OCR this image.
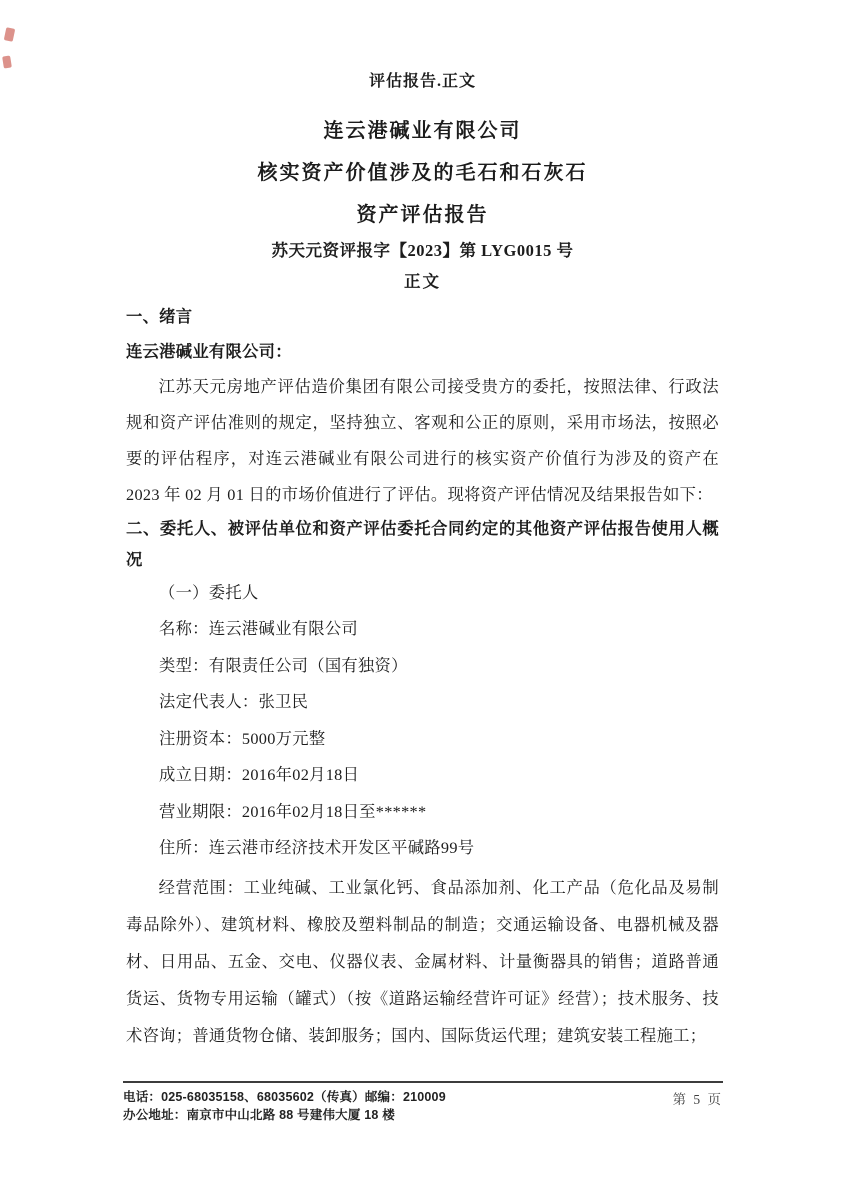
评估报告.正文
连云港碱业有限公司
核实资产价值涉及的毛石和石灰石
资产评估报告
苏天元资评报字【2023】第 LYG0015 号
正文
一、绪言
连云港碱业有限公司：

江苏天元房地产评估造价集团有限公司接受贵方的委托，按照法律、行政法规和资产评估准则的规定，坚持独立、客观和公正的原则，采用市场法，按照必要的评估程序，对连云港碱业有限公司进行的核实资产价值行为涉及的资产在2023 年 02 月 01 日的市场价值进行了评估。现将资产评估情况及结果报告如下：

二、委托人、被评估单位和资产评估委托合同约定的其他资产评估报告使用人概况
（一）委托人
名称：连云港碱业有限公司
类型：有限责任公司（国有独资）
法定代表人：张卫民
注册资本：5000万元整
成立日期：2016年02月18日
营业期限：2016年02月18日至******
住所：连云港市经济技术开发区平碱路99号

经营范围：工业纯碱、工业氯化钙、食品添加剂、化工产品（危化品及易制毒品除外）、建筑材料、橡胶及塑料制品的制造；交通运输设备、电器机械及器材、日用品、五金、交电、仪器仪表、金属材料、计量衡器具的销售；道路普通货运、货物专用运输（罐式）（按《道路运输经营许可证》经营）；技术服务、技术咨询；普通货物仓储、装卸服务；国内、国际货运代理；建筑安装工程施工；

电话：025-68035158、68035602（传真）邮编：210009
办公地址：南京市中山北路 88 号建伟大厦 18 楼
第 5 页
